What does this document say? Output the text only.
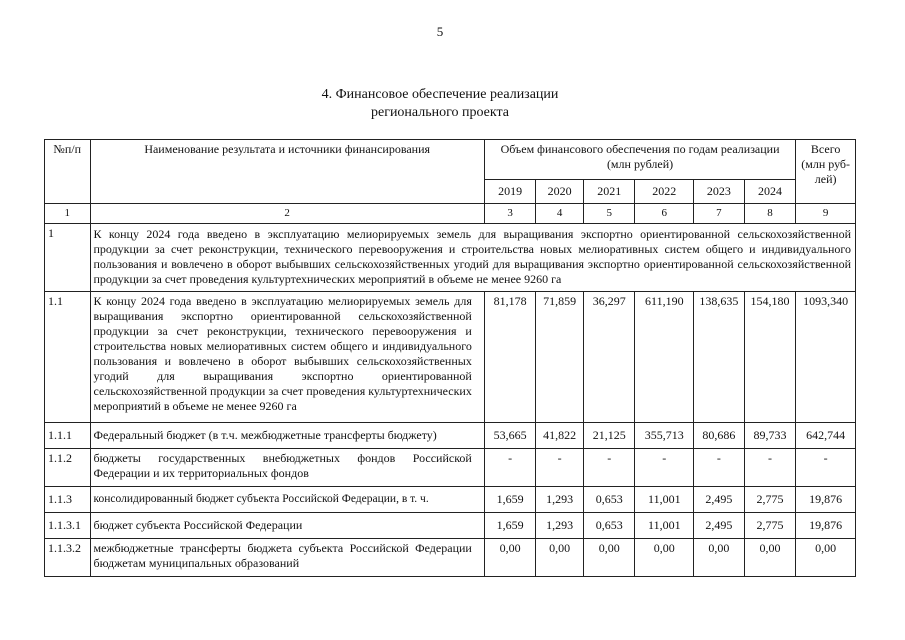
5
4. Финансовое обеспечение реализации
регионального проекта
№п/п	Наименование результата и источники финансирования	Объем финансового обеспечения по годам реализации (млн рублей)						Всего (млн руб-лей)
		2019	2020	2021	2022	2023	2024	
1	2	3	4	5	6	7	8	9
1	К концу 2024 года введено в эксплуатацию мелиорируемых земель для выращивания экспортно ориентированной сельскохозяйственной продукции за счет реконструкции, технического перевооружения и строительства новых мелиоративных систем общего и индивидуального пользования и вовлечено в оборот выбывших сельскохозяйственных угодий для выращивания экспортно ориентированной сельскохозяйственной продукции за счет проведения культуртехнических мероприятий в объеме не менее 9260 га							
1.1	К концу 2024 года введено в эксплуатацию мелиорируемых земель для выращивания экспортно ориентированной сельскохозяйственной продукции за счет реконструкции, технического перевооружения и строительства новых мелиоративных систем общего и индивидуального пользования и вовлечено в оборот выбывших сельскохозяйственных угодий для выращивания экспортно ориентированной сельскохозяйственной продукции за счет проведения культуртехнических мероприятий в объеме не менее 9260 га	81,178	71,859	36,297	611,190	138,635	154,180	1093,340
1.1.1	Федеральный бюджет (в т.ч. межбюджетные трансферты бюджету)	53,665	41,822	21,125	355,713	80,686	89,733	642,744
1.1.2	бюджеты государственных внебюджетных фондов Российской Федерации и их территориальных фондов	-	-	-	-	-	-	-
1.1.3	консолидированный бюджет субъекта Российской Федерации, в т. ч.	1,659	1,293	0,653	11,001	2,495	2,775	19,876
1.1.3.1	бюджет субъекта Российской Федерации	1,659	1,293	0,653	11,001	2,495	2,775	19,876
1.1.3.2	межбюджетные трансферты бюджета субъекта Российской Федерации бюджетам муниципальных образований	0,00	0,00	0,00	0,00	0,00	0,00	0,00
